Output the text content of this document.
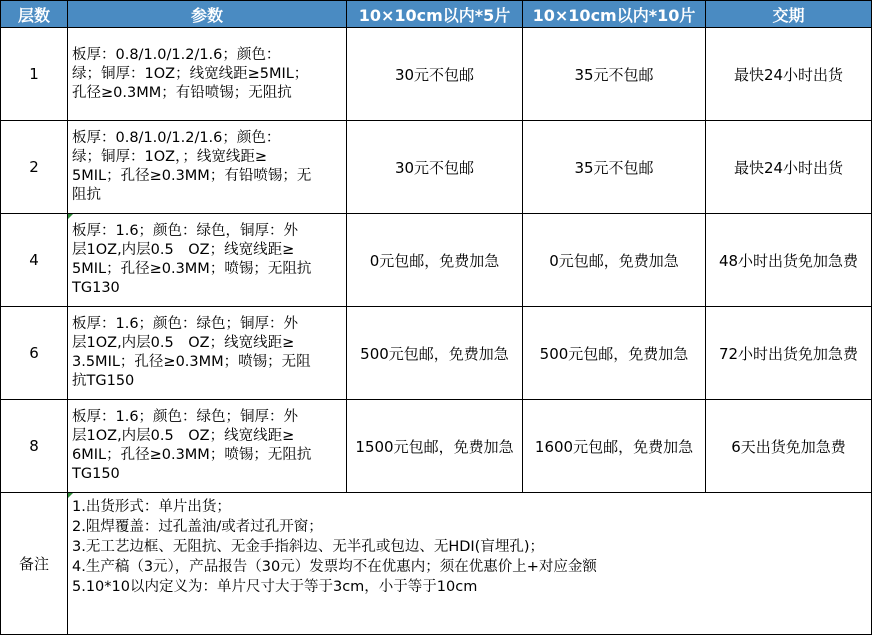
层数	参数	10×10cm以内*5片	10×10cm以内*10片	交期
1	板厚：0.8/1.0/1.2/1.6；颜色：
绿；铜厚：1OZ；线宽线距≥5MIL；
孔径≥0.3MM；有铅喷锡；无阻抗	30元不包邮	35元不包邮	最快24小时出货
2	板厚：0.8/1.0/1.2/1.6；颜色：
绿；铜厚：1OZ，；线宽线距≥
5MIL；孔径≥0.3MM；有铅喷锡；无
阻抗	30元不包邮	35元不包邮	最快24小时出货
4	板厚：1.6；颜色：绿色，铜厚：外
层1OZ,内层0.5　OZ；线宽线距≥
5MIL；孔径≥0.3MM；喷锡；无阻抗
TG130	0元包邮，免费加急	0元包邮，免费加急	48小时出货免加急费
6	板厚：1.6；颜色：绿色；铜厚：外
层1OZ,内层0.5　OZ；线宽线距≥
3.5MIL；孔径≥0.3MM；喷锡；无阻
抗TG150	500元包邮，免费加急	500元包邮，免费加急	72小时出货免加急费
8	板厚：1.6；颜色：绿色；铜厚：外
层1OZ,内层0.5　OZ；线宽线距≥
6MIL；孔径≥0.3MM；喷锡；无阻抗
TG150	1500元包邮，免费加急	1600元包邮，免费加急	6天出货免加急费
备注	1.出货形式：单片出货；
2.阻焊覆盖：过孔盖油/或者过孔开窗；
3.无工艺边框、无阻抗、无金手指斜边、无半孔或包边、无HDI(盲埋孔)；
4.生产稿（3元），产品报告（30元）发票均不在优惠内；须在优惠价上+对应金额
5.10*10以内定义为：单片尺寸大于等于3cm，小于等于10cm			
